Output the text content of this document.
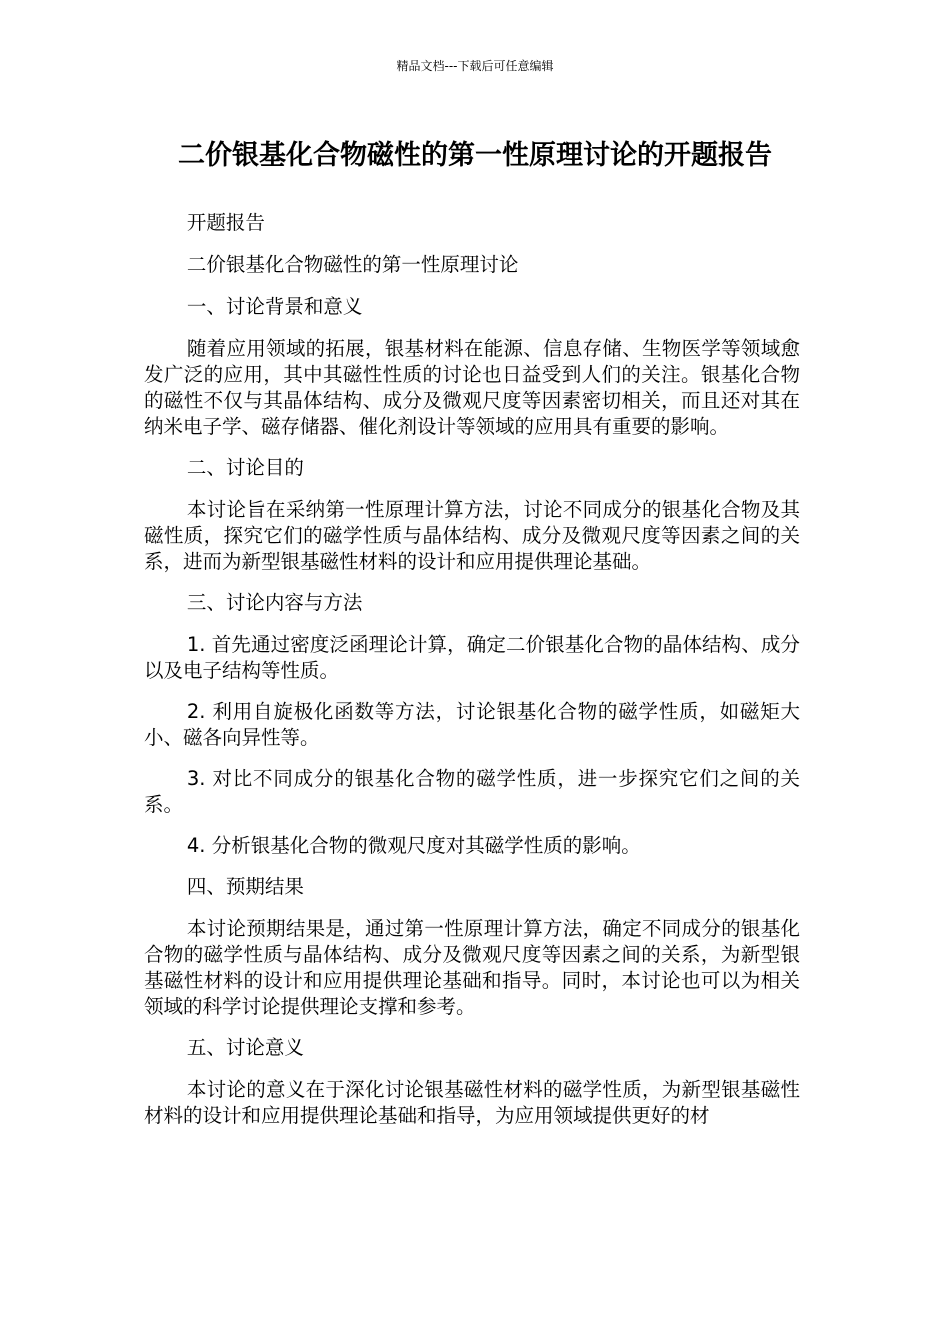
精品文档---下载后可任意编辑
二价银基化合物磁性的第一性原理讨论的开题报告

开题报告

二价银基化合物磁性的第一性原理讨论

一、讨论背景和意义

随着应用领域的拓展，银基材料在能源、信息存储、生物医学等领域愈发广泛的应用，其中其磁性性质的讨论也日益受到人们的关注。银基化合物的磁性不仅与其晶体结构、成分及微观尺度等因素密切相关，而且还对其在纳米电子学、磁存储器、催化剂设计等领域的应用具有重要的影响。

二、讨论目的

本讨论旨在采纳第一性原理计算方法，讨论不同成分的银基化合物及其磁性质，探究它们的磁学性质与晶体结构、成分及微观尺度等因素之间的关系，进而为新型银基磁性材料的设计和应用提供理论基础。

三、讨论内容与方法

1. 首先通过密度泛函理论计算，确定二价银基化合物的晶体结构、成分以及电子结构等性质。

2. 利用自旋极化函数等方法，讨论银基化合物的磁学性质，如磁矩大小、磁各向异性等。

3. 对比不同成分的银基化合物的磁学性质，进一步探究它们之间的关系。

4. 分析银基化合物的微观尺度对其磁学性质的影响。

四、预期结果

本讨论预期结果是，通过第一性原理计算方法，确定不同成分的银基化合物的磁学性质与晶体结构、成分及微观尺度等因素之间的关系，为新型银基磁性材料的设计和应用提供理论基础和指导。同时，本讨论也可以为相关领域的科学讨论提供理论支撑和参考。

五、讨论意义

本讨论的意义在于深化讨论银基磁性材料的磁学性质，为新型银基磁性材料的设计和应用提供理论基础和指导，为应用领域提供更好的材
